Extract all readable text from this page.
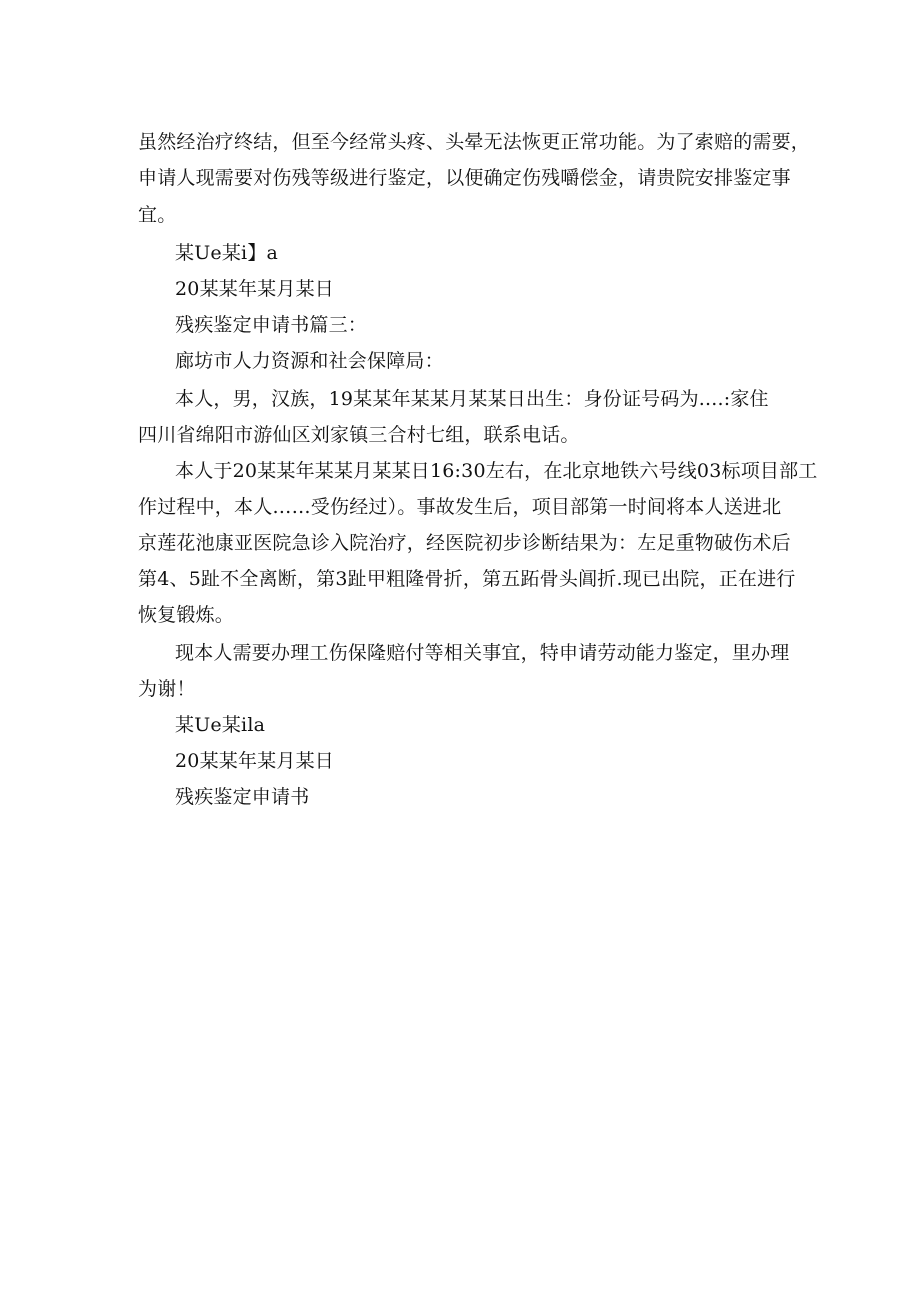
虽然经治疗终结，但至今经常头疼、头晕无法恢更正常功能。为了索赔的需要，
申请人现需要对伤残等级进行鉴定，以便确定伤残嚼偿金，请贵院安排鉴定事
宜。
某Ue某i】a
20某某年某月某日
残疾鉴定申请书篇三：
廊坊市人力资源和社会保障局：
本人，男，汉族，19某某年某某月某某日出生：身份证号码为....:家住
四川省绵阳市游仙区刘家镇三合村七组，联系电话。
本人于20某某年某某月某某日16:30左右，在北京地铁六号线03标项目部工
作过程中，本人……受伤经过）。事故发生后，项目部第一时间将本人送进北
京莲花池康亚医院急诊入院治疗，经医院初步诊断结果为：左足重物破伤术后
第4、5趾不全离断，第3趾甲粗隆骨折，第五跖骨头阊折.现已出院，正在进行
恢复锻炼。
现本人需要办理工伤保隆赔付等相关事宜，特申请劳动能力鉴定，里办理
为谢！
某Ue某ila
20某某年某月某日
残疾鉴定申请书
